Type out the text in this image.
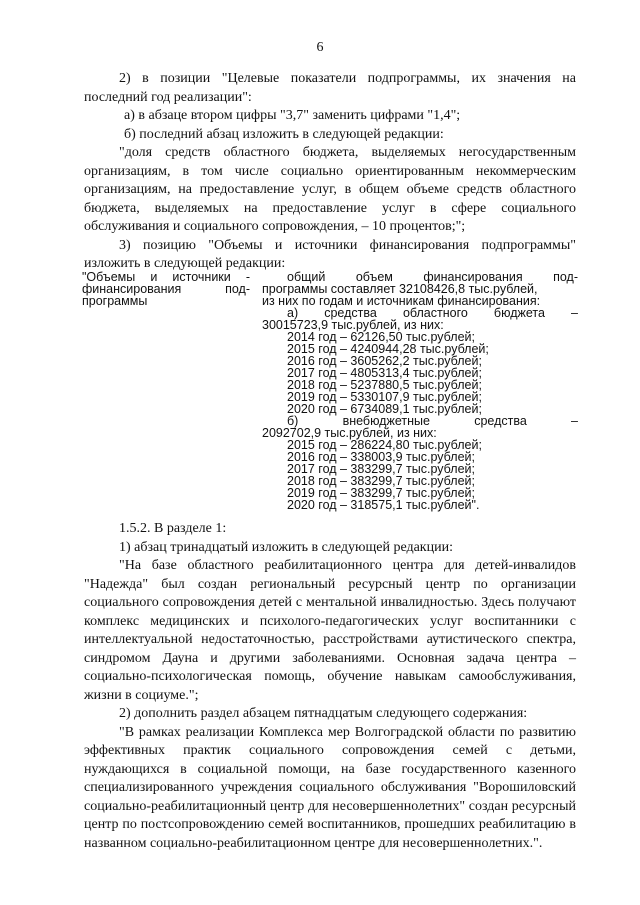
6

2) в позиции "Целевые показатели подпрограммы, их значения на последний год реализации":

а) в абзаце втором цифры "3,7" заменить цифрами "1,4";

б) последний абзац изложить в следующей редакции:

"доля средств областного бюджета, выделяемых негосударственным организациям, в том числе социально ориентированным некоммерческим организациям, на предоставление услуг, в общем объеме средств областного бюджета, выделяемых на предоставление услуг в сфере социального обслуживания и социального сопровождения, – 10 процентов;";

3) позицию "Объемы и источники финансирования подпрограммы" изложить в следующей редакции:

"Объемы и источники -
финансирования под-
программы
общий объем финансирования под-
программы составляет 32108426,8 тыс.рублей,
из них по годам и источникам финансирования:
а) средства областного бюджета –
30015723,9 тыс.рублей, из них:
2014 год – 62126,50 тыс.рублей;
2015 год – 4240944,28 тыс.рублей;
2016 год – 3605262,2 тыс.рублей;
2017 год – 4805313,4 тыс.рублей;
2018 год – 5237880,5 тыс.рублей;
2019 год – 5330107,9 тыс.рублей;
2020 год – 6734089,1 тыс.рублей;
б) внебюджетные средства –
2092702,9 тыс.рублей, из них:
2015 год – 286224,80 тыс.рублей;
2016 год – 338003,9 тыс.рублей;
2017 год – 383299,7 тыс.рублей;
2018 год – 383299,7 тыс.рублей;
2019 год – 383299,7 тыс.рублей;
2020 год – 318575,1 тыс.рублей".

1.5.2. В разделе 1:

1) абзац тринадцатый изложить в следующей редакции:

"На базе областного реабилитационного центра для детей-инвалидов "Надежда" был создан региональный ресурсный центр по организации социального сопровождения детей с ментальной инвалидностью. Здесь получают комплекс медицинских и психолого-педагогических услуг воспитанники с интеллектуальной недостаточностью, расстройствами аутистического спектра, синдромом Дауна и другими заболеваниями. Основная задача центра – социально-психологическая помощь, обучение навыкам самообслуживания, жизни в социуме.";

2) дополнить раздел абзацем пятнадцатым следующего содержания:

"В рамках реализации Комплекса мер Волгоградской области по развитию эффективных практик социального сопровождения семей с детьми, нуждающихся в социальной помощи, на базе государственного казенного специализированного учреждения социального обслуживания "Ворошиловский социально-реабилитационный центр для несовершеннолетних" создан ресурсный центр по постсопровождению семей воспитанников, прошедших реабилитацию в названном социально-реабилитационном центре для несовершеннолетних.".
